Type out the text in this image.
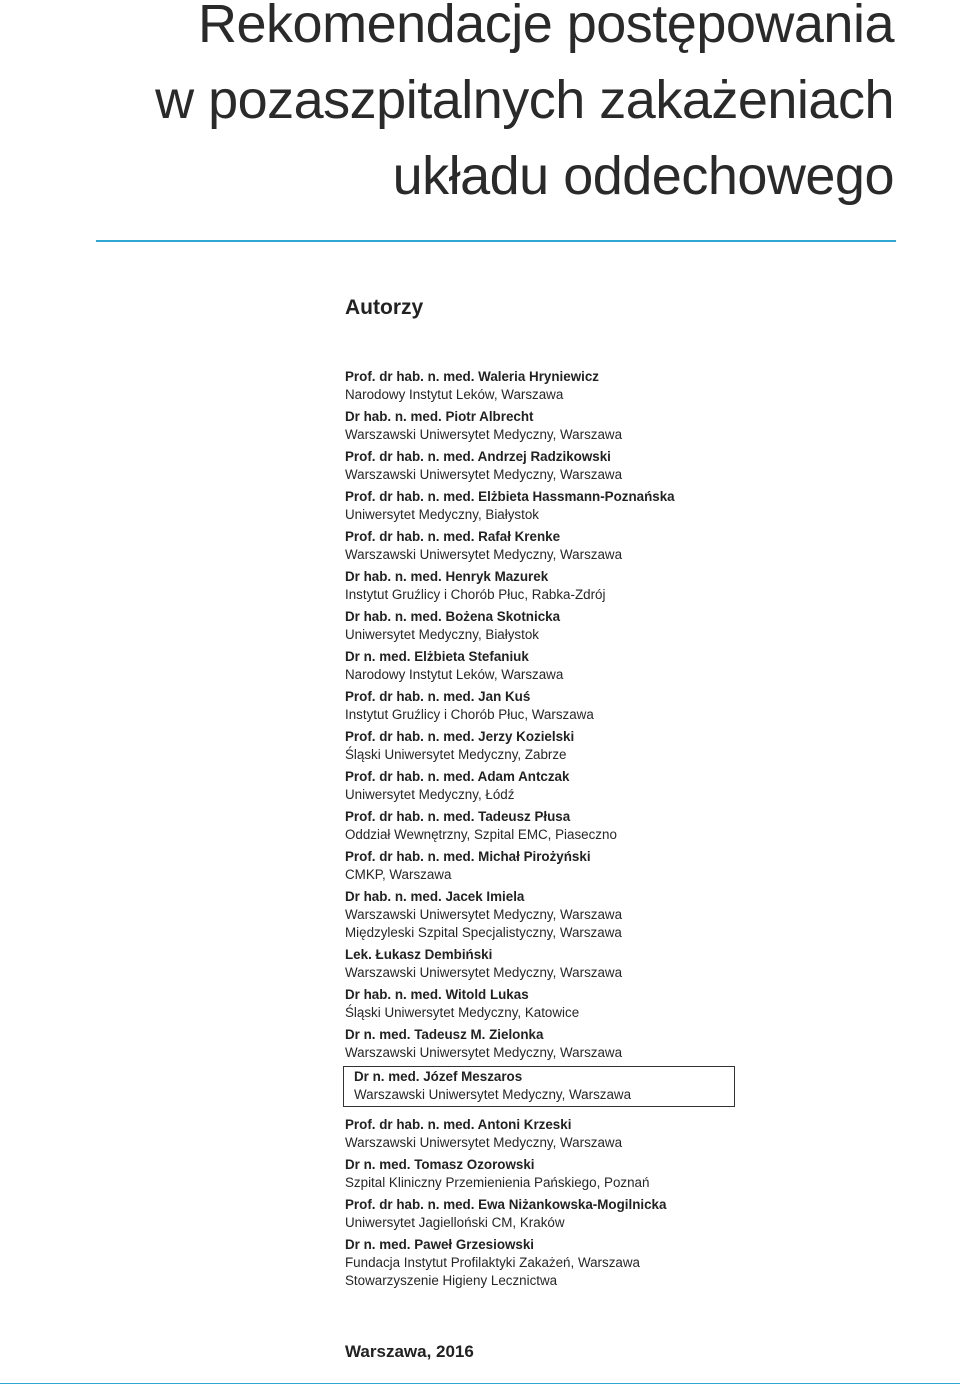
Rekomendacje postępowania
w pozaszpitalnych zakażeniach
układu oddechowego
Autorzy
Prof. dr hab. n. med. Waleria Hryniewicz
Narodowy Instytut Leków, Warszawa
Dr hab. n. med. Piotr Albrecht
Warszawski Uniwersytet Medyczny, Warszawa
Prof. dr hab. n. med. Andrzej Radzikowski
Warszawski Uniwersytet Medyczny, Warszawa
Prof. dr hab. n. med. Elżbieta Hassmann-Poznańska
Uniwersytet Medyczny, Białystok
Prof. dr hab. n. med. Rafał Krenke
Warszawski Uniwersytet Medyczny, Warszawa
Dr hab. n. med. Henryk Mazurek
Instytut Gruźlicy i Chorób Płuc, Rabka-Zdrój
Dr hab. n. med. Bożena Skotnicka
Uniwersytet Medyczny, Białystok
Dr n. med. Elżbieta Stefaniuk
Narodowy Instytut Leków, Warszawa
Prof. dr hab. n. med. Jan Kuś
Instytut Gruźlicy i Chorób Płuc, Warszawa
Prof. dr hab. n. med. Jerzy Kozielski
Śląski Uniwersytet Medyczny, Zabrze
Prof. dr hab. n. med. Adam Antczak
Uniwersytet Medyczny, Łódź
Prof. dr hab. n. med. Tadeusz Płusa
Oddział Wewnętrzny, Szpital EMC, Piaseczno
Prof. dr hab. n. med. Michał Pirożyński
CMKP, Warszawa
Dr hab. n. med. Jacek Imiela
Warszawski Uniwersytet Medyczny, Warszawa
Międzyleski Szpital Specjalistyczny, Warszawa
Lek. Łukasz Dembiński
Warszawski Uniwersytet Medyczny, Warszawa
Dr hab. n. med. Witold Lukas
Śląski Uniwersytet Medyczny, Katowice
Dr n. med. Tadeusz M. Zielonka
Warszawski Uniwersytet Medyczny, Warszawa
Dr n. med. Józef Meszaros
Warszawski Uniwersytet Medyczny, Warszawa
Prof. dr hab. n. med. Antoni Krzeski
Warszawski Uniwersytet Medyczny, Warszawa
Dr n. med. Tomasz Ozorowski
Szpital Kliniczny Przemienienia Pańskiego, Poznań
Prof. dr hab. n. med. Ewa Niżankowska-Mogilnicka
Uniwersytet Jagielloński CM, Kraków
Dr n. med. Paweł Grzesiowski
Fundacja Instytut Profilaktyki Zakażeń, Warszawa
Stowarzyszenie Higieny Lecznictwa
Warszawa, 2016
